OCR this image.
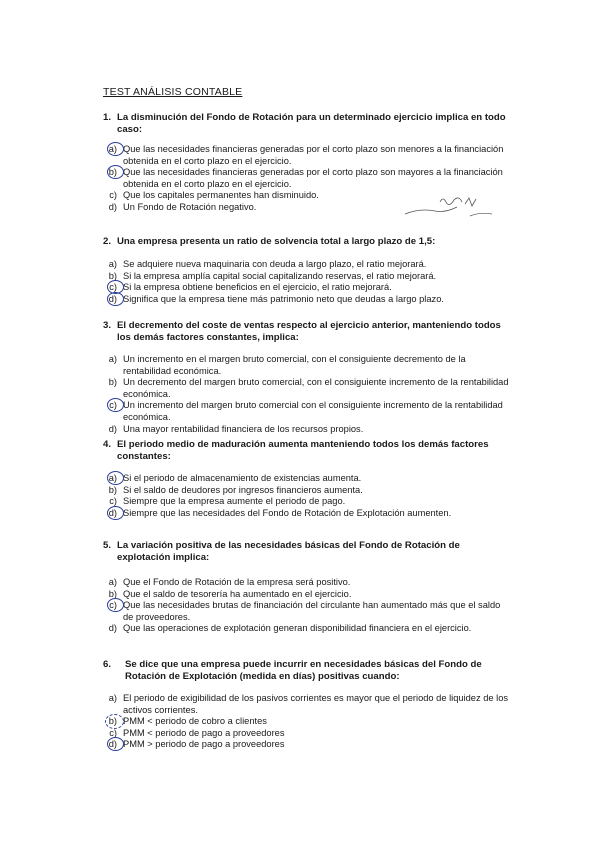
TEST ANÁLISIS CONTABLE
1. La disminución del Fondo de Rotación para un determinado ejercicio implica en todo caso:
a) Que las necesidades financieras generadas por el corto plazo son menores a la financiación obtenida en el corto plazo en el ejercicio.
b) Que las necesidades financieras generadas por el corto plazo son mayores a la financiación obtenida en el corto plazo en el ejercicio.
c) Que los capitales permanentes han disminuido.
d) Un Fondo de Rotación negativo.
2. Una empresa presenta un ratio de solvencia total a largo plazo de 1,5:
a) Se adquiere nueva maquinaria con deuda a largo plazo, el ratio mejorará.
b) Si la empresa amplía capital social capitalizando reservas, el ratio mejorará.
c) Si la empresa obtiene beneficios en el ejercicio, el ratio mejorará.
d) Significa que la empresa tiene más patrimonio neto que deudas a largo plazo.
3. El decremento del coste de ventas respecto al ejercicio anterior, manteniendo todos los demás factores constantes, implica:
a) Un incremento en el margen bruto comercial, con el consiguiente decremento de la rentabilidad económica.
b) Un decremento del margen bruto comercial, con el consiguiente incremento de la rentabilidad económica.
c) Un incremento del margen bruto comercial con el consiguiente incremento de la rentabilidad económica.
d) Una mayor rentabilidad financiera de los recursos propios.
4. El periodo medio de maduración aumenta manteniendo todos los demás factores constantes:
a) Si el periodo de almacenamiento de existencias aumenta.
b) Si el saldo de deudores por ingresos financieros aumenta.
c) Siempre que la empresa aumente el periodo de pago.
d) Siempre que las necesidades del Fondo de Rotación de Explotación aumenten.
5. La variación positiva de las necesidades básicas del Fondo de Rotación de explotación implica:
a) Que el Fondo de Rotación de la empresa será positivo.
b) Que el saldo de tesorería ha aumentado en el ejercicio.
c) Que las necesidades brutas de financiación del circulante han aumentado más que el saldo de proveedores.
d) Que las operaciones de explotación generan disponibilidad financiera en el ejercicio.
6.	Se dice que una empresa puede incurrir en necesidades básicas del Fondo de Rotación de Explotación (medida en días) positivas cuando:
a) El periodo de exigibilidad de los pasivos corrientes es mayor que el periodo de liquidez de los activos corrientes.
b) PMM < periodo de cobro a clientes
c) PMM < periodo de pago a proveedores
d) PMM > periodo de pago a proveedores
